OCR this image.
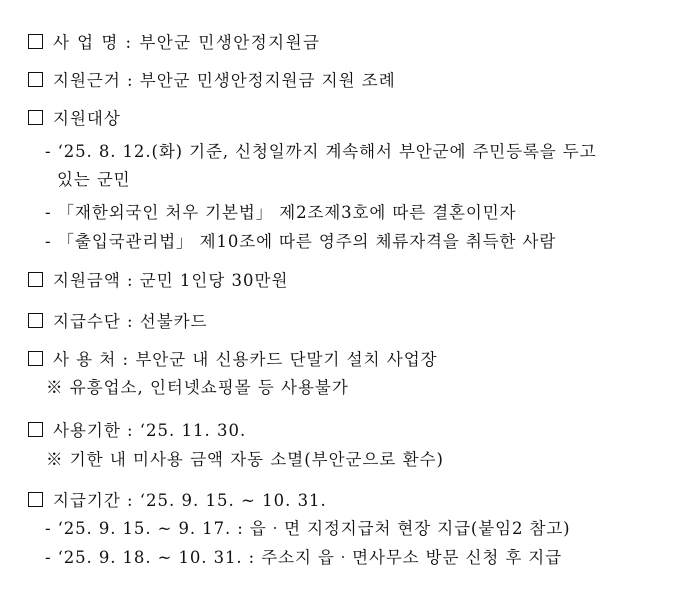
사 업 명 : 부안군 민생안정지원금
지원근거 : 부안군 민생안정지원금 지원 조례
지원대상
- ‘25. 8. 12.(화) 기준, 신청일까지 계속해서 부안군에 주민등록을 두고
있는 군민
- 「재한외국인 처우 기본법」 제2조제3호에 따른 결혼이민자
- 「출입국관리법」 제10조에 따른 영주의 체류자격을 취득한 사람
지원금액 : 군민 1인당 30만원
지급수단 : 선불카드
사 용 처 : 부안군 내 신용카드 단말기 설치 사업장
※ 유흥업소, 인터넷쇼핑몰 등 사용불가
사용기한 : ‘25. 11. 30.
※ 기한 내 미사용 금액 자동 소멸(부안군으로 환수)
지급기간 : ‘25. 9. 15. ~ 10. 31.
- ‘25. 9. 15. ~ 9. 17. : 읍‧면 지정지급처 현장 지급(붙임2 참고)
- ‘25. 9. 18. ~ 10. 31. : 주소지 읍‧면사무소 방문 신청 후 지급
